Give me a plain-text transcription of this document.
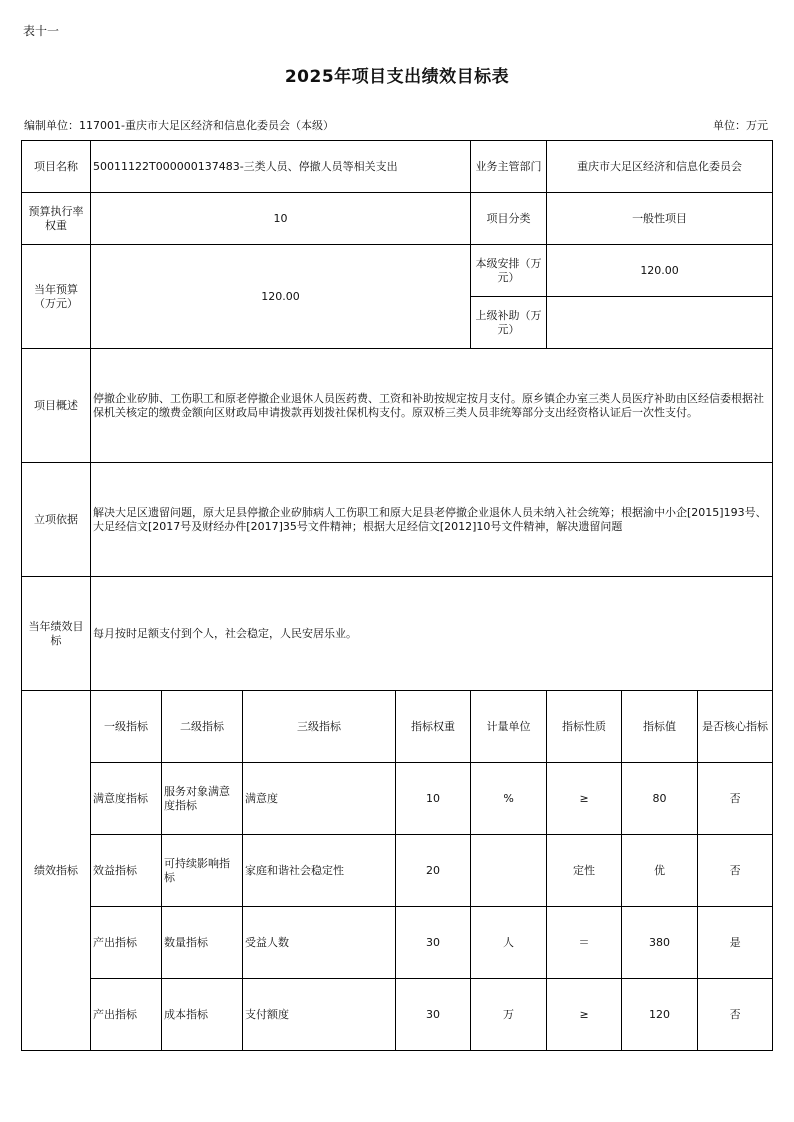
表十一
2025年项目支出绩效目标表
编制单位：117001-重庆市大足区经济和信息化委员会（本级）	单位：万元
项目名称	50011122T000000137483-三类人员、停撤人员等相关支出				业务主管部门	重庆市大足区经济和信息化委员会		
预算执行率权重	10				项目分类	一般性项目		
当年预算（万元）	120.00				本级安排（万元）	120.00		
					上级补助（万元）			
项目概述	停撤企业矽肺、工伤职工和原老停撤企业退休人员医药费、工资和补助按规定按月支付。原乡镇企办室三类人员医疗补助由区经信委根据社保机关核定的缴费金额向区财政局申请拨款再划拨社保机构支付。原双桥三类人员非统筹部分支出经资格认证后一次性支付。							
立项依据	解决大足区遗留问题，原大足县停撤企业矽肺病人工伤职工和原大足县老停撤企业退休人员未纳入社会统筹；根据渝中小企[2015]193号、大足经信文[2017号及财经办件[2017]35号文件精神；根据大足经信文[2012]10号文件精神，解决遗留问题							
当年绩效目标	每月按时足额支付到个人，社会稳定，人民安居乐业。							
绩效指标	一级指标	二级指标	三级指标	指标权重	计量单位	指标性质	指标值	是否核心指标
	满意度指标	服务对象满意度指标	满意度	10	%	≥	80	否
	效益指标	可持续影响指标	家庭和谐社会稳定性	20		定性	优	否
	产出指标	数量指标	受益人数	30	人	＝	380	是
	产出指标	成本指标	支付额度	30	万	≥	120	否
